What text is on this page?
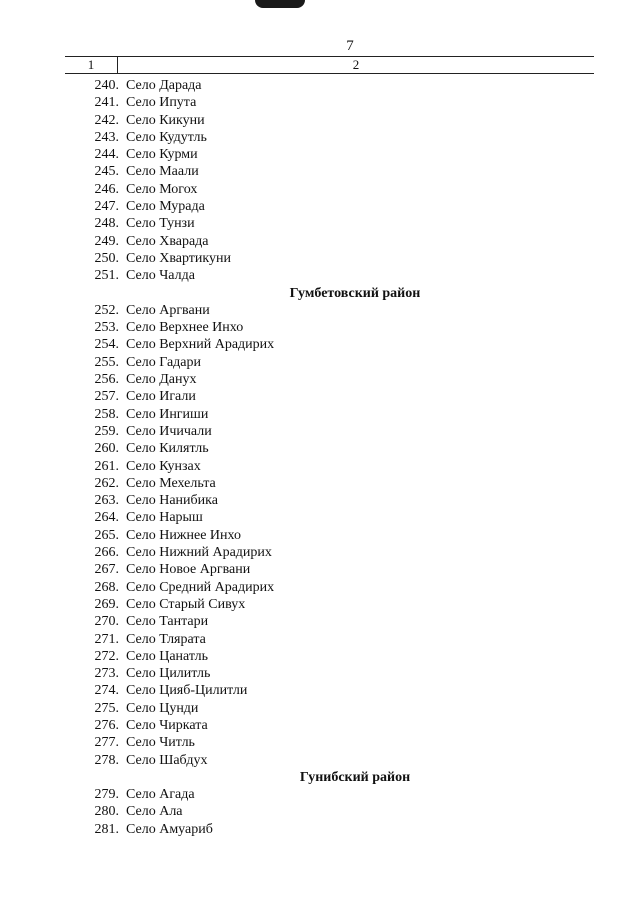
7
1	2
240. Село Дарада
241. Село Ипута
242. Село Кикуни
243. Село Кудутль
244. Село Курми
245. Село Маали
246. Село Могох
247. Село Мурада
248. Село Тунзи
249. Село Хварада
250. Село Хвартикуни
251. Село Чалда
Гумбетовский район
252. Село Аргвани
253. Село Верхнее Инхо
254. Село Верхний Арадирих
255. Село Гадари
256. Село Данух
257. Село Игали
258. Село Ингиши
259. Село Ичичали
260. Село Килятль
261. Село Кунзах
262. Село Мехельта
263. Село Нанибика
264. Село Нарыш
265. Село Нижнее Инхо
266. Село Нижний Арадирих
267. Село Новое Аргвани
268. Село Средний Арадирих
269. Село Старый Сивух
270. Село Тантари
271. Село Тлярата
272. Село Цанатль
273. Село Цилитль
274. Село Цияб-Цилитли
275. Село Цунди
276. Село Чирката
277. Село Читль
278. Село Шабдух
Гунибский район
279. Село Агада
280. Село Ала
281. Село Амуариб
